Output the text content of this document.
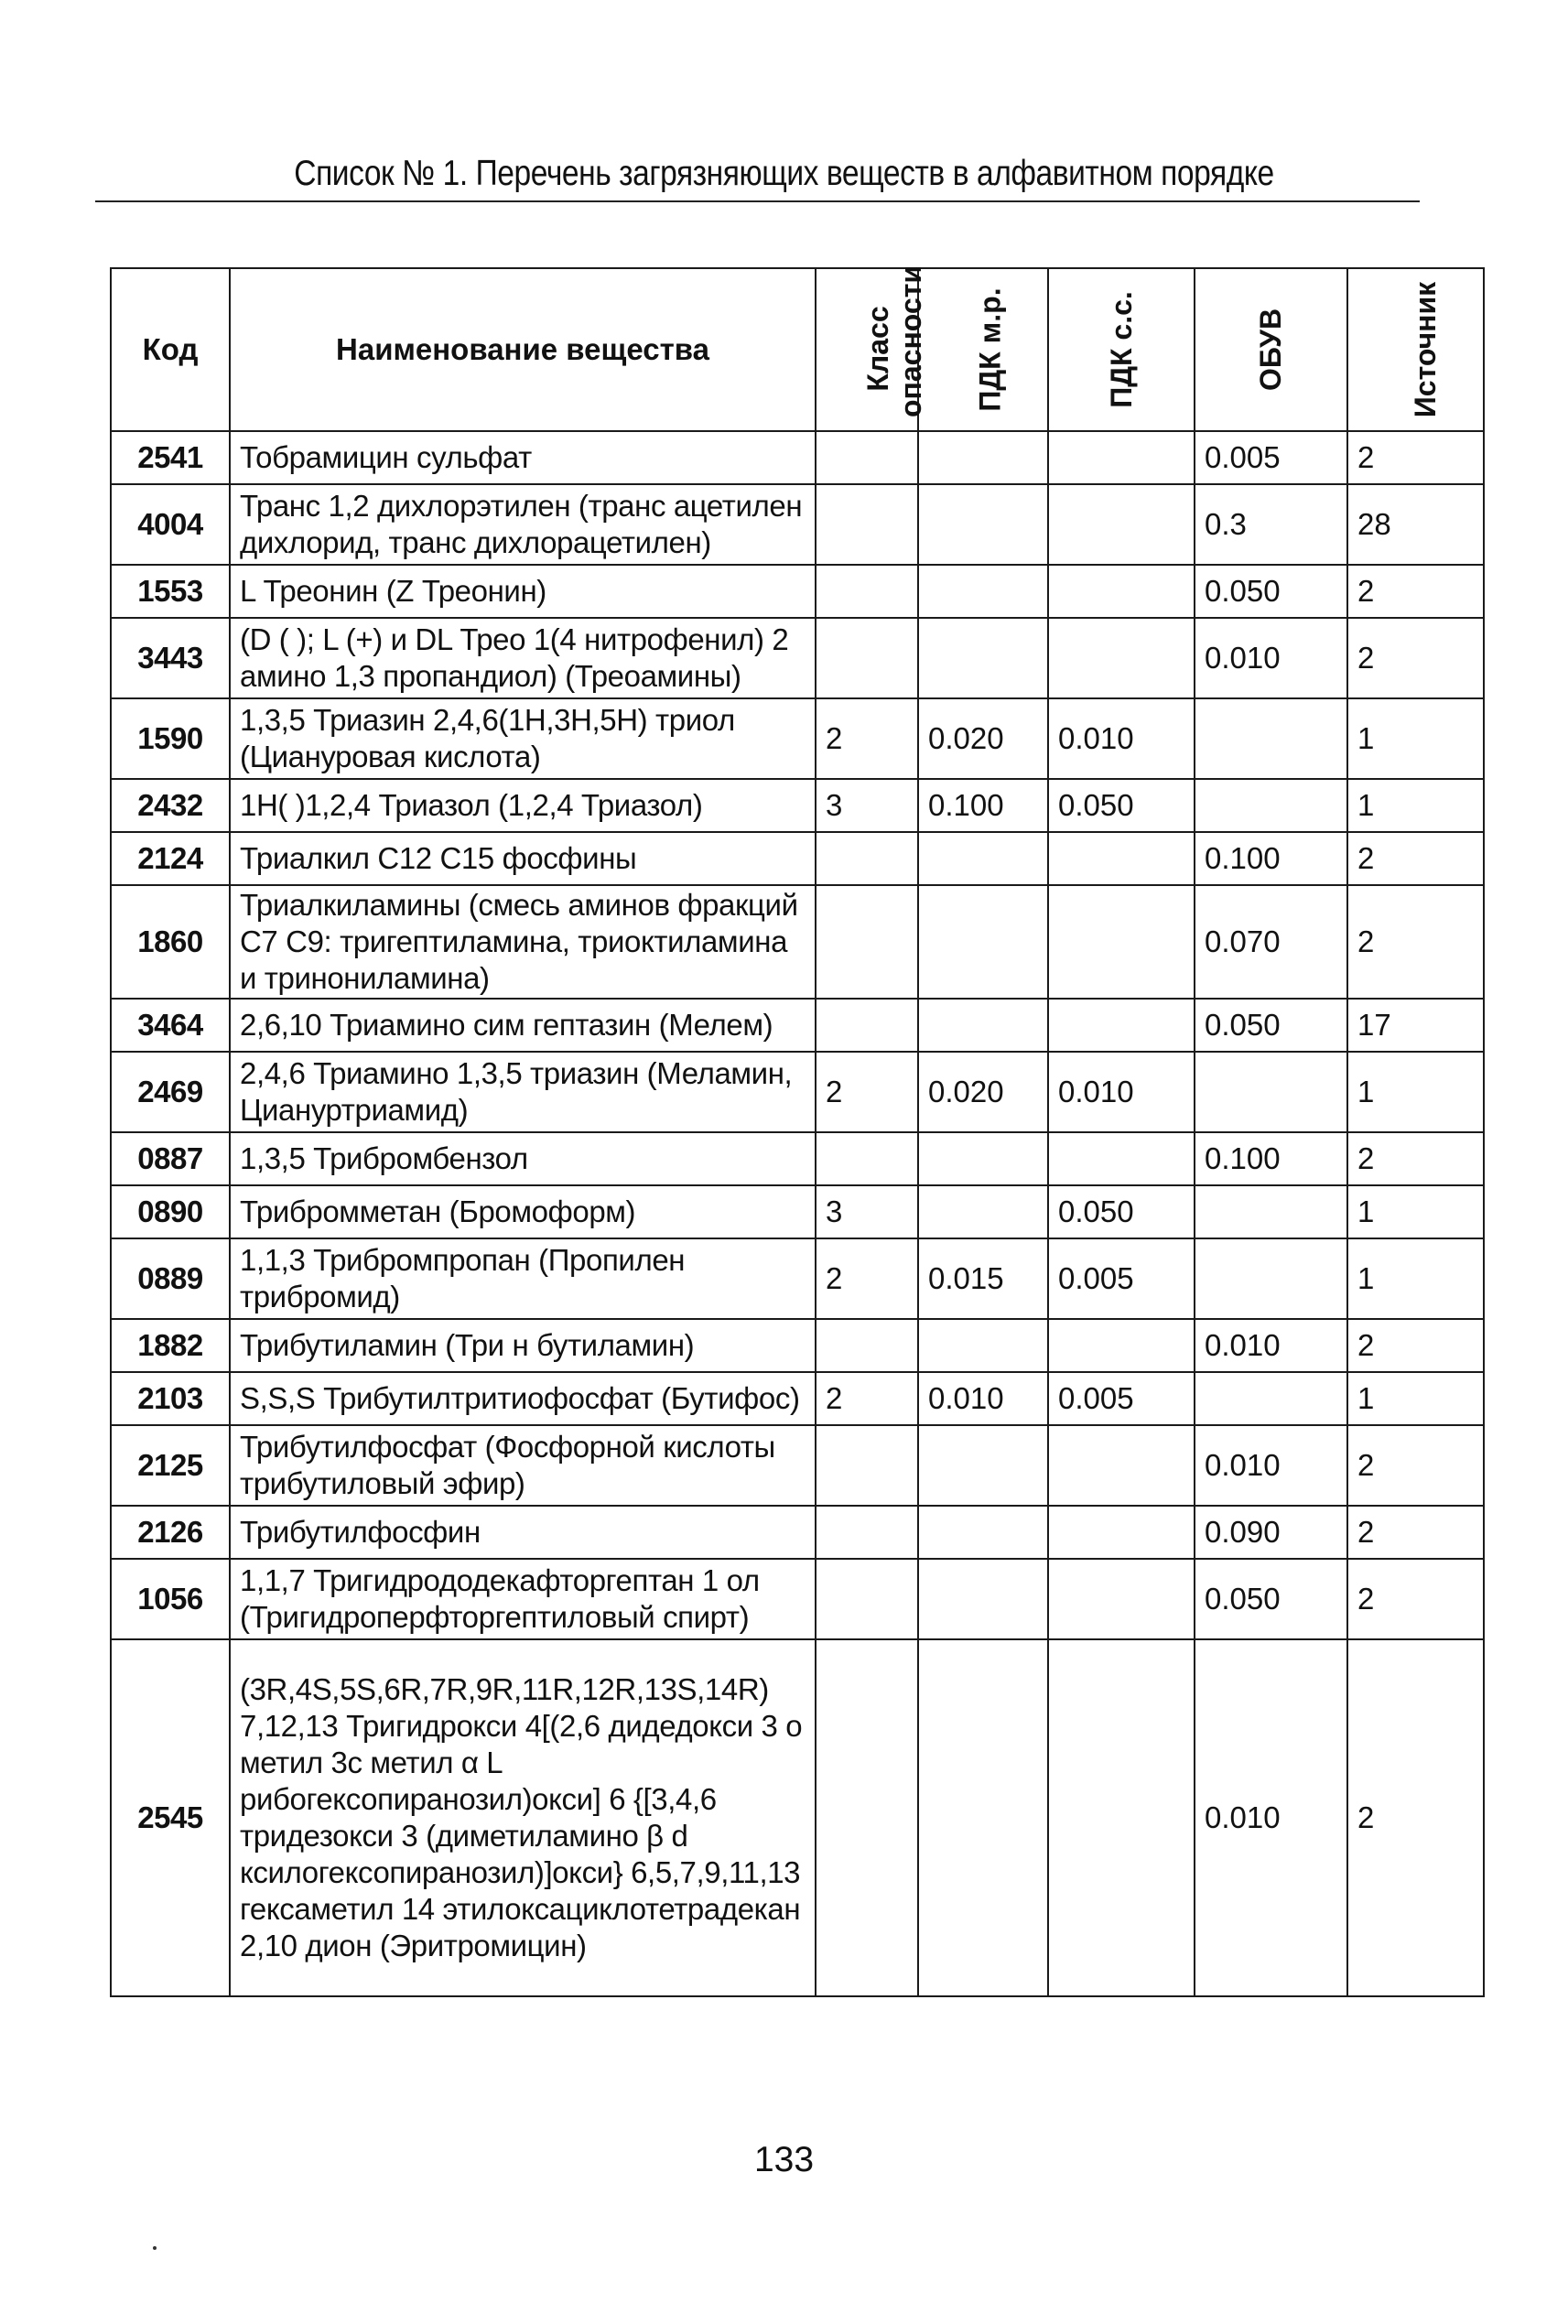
Список № 1. Перечень загрязняющих веществ в алфавитном порядке
Код	Наименование вещества	Класс опасности	ПДК м.р.	ПДК с.с.	ОБУВ	Источник
2541	Тобрамицин сульфат				0.005	2
4004	Транс 1,2 дихлорэтилен (транс ацетилен дихлорид, транс дихлорацетилен)				0.3	28
1553	L Треонин (Z Треонин)				0.050	2
3443	(D ( ); L (+) и DL Трео 1(4 нитрофенил) 2 амино 1,3 пропандиол) (Треоамины)				0.010	2
1590	1,3,5 Триазин 2,4,6(1H,3H,5H) триол (Циануровая кислота)	2	0.020	0.010		1
2432	1H( )1,2,4 Триазол (1,2,4 Триазол)	3	0.100	0.050		1
2124	Триалкил C12 C15 фосфины				0.100	2
1860	Триалкиламины (смесь аминов фракций C7 C9: тригептиламина, триоктиламина и тринониламина)				0.070	2
3464	2,6,10 Триамино сим гептазин (Мелем)				0.050	17
2469	2,4,6 Триамино 1,3,5 триазин (Меламин, Циануртриамид)	2	0.020	0.010		1
0887	1,3,5 Трибромбензол				0.100	2
0890	Трибромметан (Бромоформ)	3		0.050		1
0889	1,1,3 Трибромпропан (Пропилен трибромид)	2	0.015	0.005		1
1882	Трибутиламин (Три н бутиламин)				0.010	2
2103	S,S,S Трибутилтритиофосфат (Бутифос)	2	0.010	0.005		1
2125	Трибутилфосфат (Фосфорной кислоты трибутиловый эфир)				0.010	2
2126	Трибутилфосфин				0.090	2
1056	1,1,7 Тригидрододекафторгептан 1 ол (Тригидроперфторгептиловый спирт)				0.050	2
2545	(3R,4S,5S,6R,7R,9R,11R,12R,13S,14R) 7,12,13 Тригидрокси 4[(2,6 дидедокси 3 о метил 3с метил α L рибогексопиранозил)окси] 6 {[3,4,6 тридезокси 3 (диметиламино β d ксилогексопиранозил)]окси} 6,5,7,9,11,13 гексаметил 14 этилоксациклотетрадекан 2,10 дион (Эритромицин)				0.010	2
133
